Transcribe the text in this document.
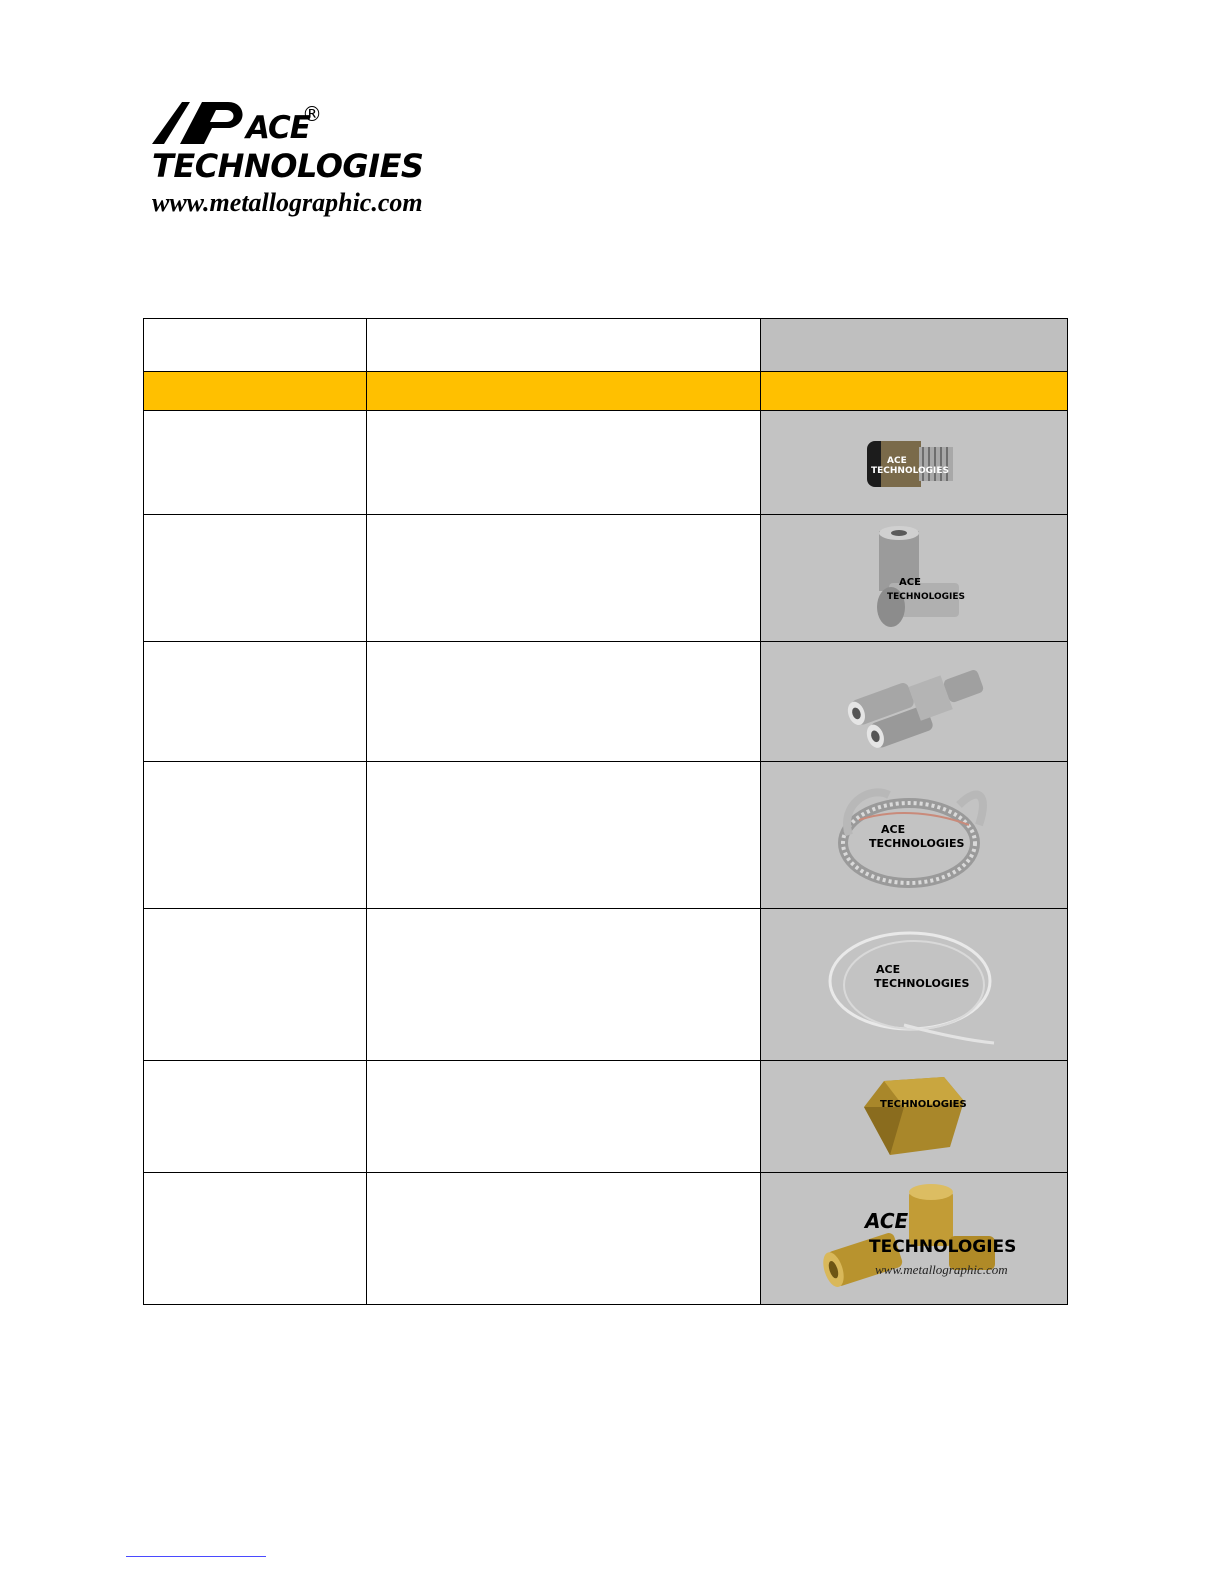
ACE
®
TECHNOLOGIES
www.metallographic.com

ACE
TECHNOLOGIES

ACE
TECHNOLOGIES

ACE
TECHNOLOGIES

ACE
TECHNOLOGIES

TECHNOLOGIES

ACE
TECHNOLOGIES
www.metallographic.com
